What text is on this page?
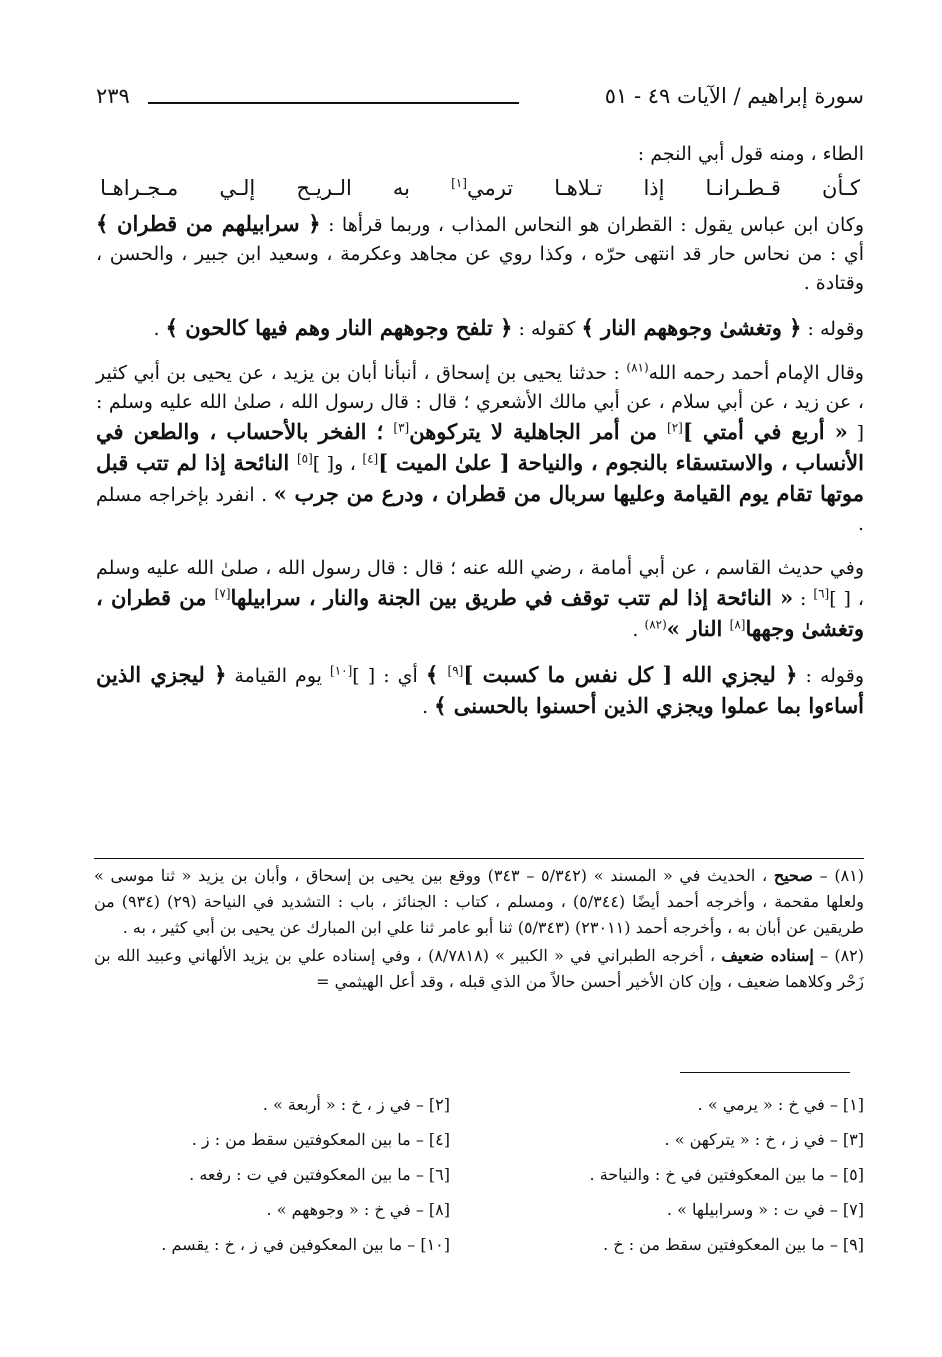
سورة إبراهيم / الآيات ٤٩ - ٥١
٢٣٩

الطاء ، ومنه قول أبي النجم :

كـأن
قـطـرانـا
إذا
تـلاهـا
ترمي[١]
به
الـريـح
إلـي
مـجـراهـا

وكان ابن عباس يقول : القطران هو النحاس المذاب ، وربما قرأها : ﴿ سرابيلهم من قطران ﴾ أي : من نحاس حار قد انتهى حرّه ، وكذا روي عن مجاهد وعكرمة ، وسعيد ابن جبير ، والحسن ، وقتادة .

وقوله : ﴿ وتغشىٰ وجوههم النار ﴾ كقوله : ﴿ تلفح وجوههم النار وهم فيها كالحون ﴾ .

وقال الإمام أحمد رحمه الله$^{(٨١)}$ : حدثنا يحيى بن إسحاق ، أنبأنا أبان بن يزيد ، عن يحيى بن أبي كثير ، عن زيد ، عن أبي سلام ، عن أبي مالك الأشعري ؛ قال : قال رسول الله ، صلىٰ الله عليه وسلم : [ « أربع في أمتي ][٢] من أمر الجاهلية لا يتركوهن[٣] ؛ الفخر بالأحساب ، والطعن في الأنساب ، والاستسقاء بالنجوم ، والنياحة [ علىٰ الميت ][٤] ، و[ ][٥] النائحة إذا لم تتب قبل موتها تقام يوم القيامة وعليها سربال من قطران ، ودرع من جرب » . انفرد بإخراجه مسلم .

وفي حديث القاسم ، عن أبي أمامة ، رضي الله عنه ؛ قال : قال رسول الله ، صلىٰ الله عليه وسلم ، [ ][٦] : « النائحة إذا لم تتب توقف في طريق بين الجنة والنار ، سرابيلها[٧] من قطران ، وتغشىٰ وجهها[٨] النار »$^{(٨٢)}$ .

وقوله : ﴿ ليجزي الله [ كل نفس ما كسبت ][٩] ﴾ أي : [ ][١٠] يوم القيامة ﴿ ليجزي الذين أساءوا بما عملوا ويجزي الذين أحسنوا بالحسنى ﴾ .

(٨١) – صحيح ، الحديث في « المسند » (٥/٣٤٢ – ٣٤٣) ووقع بين يحيى بن إسحاق ، وأبان بن يزيد « ثنا موسى » ولعلها مقحمة ، وأخرجه أحمد أيضًا (٥/٣٤٤) ، ومسلم ، كتاب : الجنائز ، باب : التشديد في النياحة (٢٩) (٩٣٤) من طريقين عن أبان به ، وأخرجه أحمد (٢٣٠١١) (٥/٣٤٣) ثنا أبو عامر ثنا علي ابن المبارك عن يحيى بن أبي كثير ، به .

(٨٢) – إسناده ضعيف ، أخرجه الطبراني في « الكبير » (٨/٧٨١٨) ، وفي إسناده علي بن يزيد الألهاني وعبيد الله بن زَحْر وكلاهما ضعيف ، وإن كان الأخير أحسن حالاً من الذي قبله ، وقد أعل الهيثمي =

[١] – في خ : « يرمي » .
[٢] – في ز ، خ : « أربعة » .
[٣] – في ز ، خ : « يتركهن » .
[٤] – ما بين المعكوفتين سقط من : ز .
[٥] – ما بين المعكوفتين في خ : والنياحة .
[٦] – ما بين المعكوفتين في ت : رفعه .
[٧] – في ت : « وسرابيلها » .
[٨] – في خ : « وجوههم » .
[٩] – ما بين المعكوفتين سقط من : خ .
[١٠] – ما بين المعكوفين في ز ، خ : يقسم .
